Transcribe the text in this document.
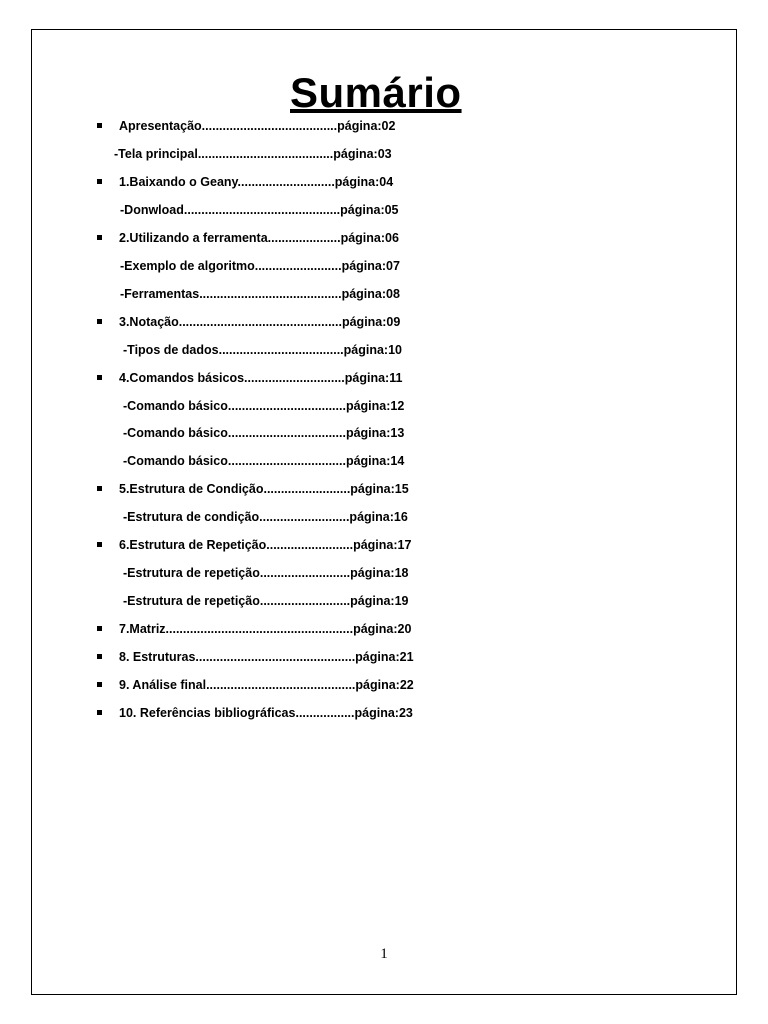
Sumário
Apresentação.......................................página:02
-Tela principal.......................................página:03
1.Baixando o Geany............................página:04
-Donwload.............................................página:05
2.Utilizando a ferramenta.....................página:06
-Exemplo de algoritmo.........................página:07
-Ferramentas.........................................página:08
3.Notação...............................................página:09
-Tipos de dados....................................página:10
4.Comandos básicos.............................página:11
-Comando básico..................................página:12
-Comando básico..................................página:13
-Comando básico..................................página:14
5.Estrutura de Condição.........................página:15
-Estrutura de condição..........................página:16
6.Estrutura de Repetição.........................página:17
-Estrutura de repetição..........................página:18
-Estrutura de repetição..........................página:19
7.Matriz......................................................página:20
8. Estruturas..............................................página:21
9. Análise final...........................................página:22
10. Referências bibliográficas.................página:23
1
